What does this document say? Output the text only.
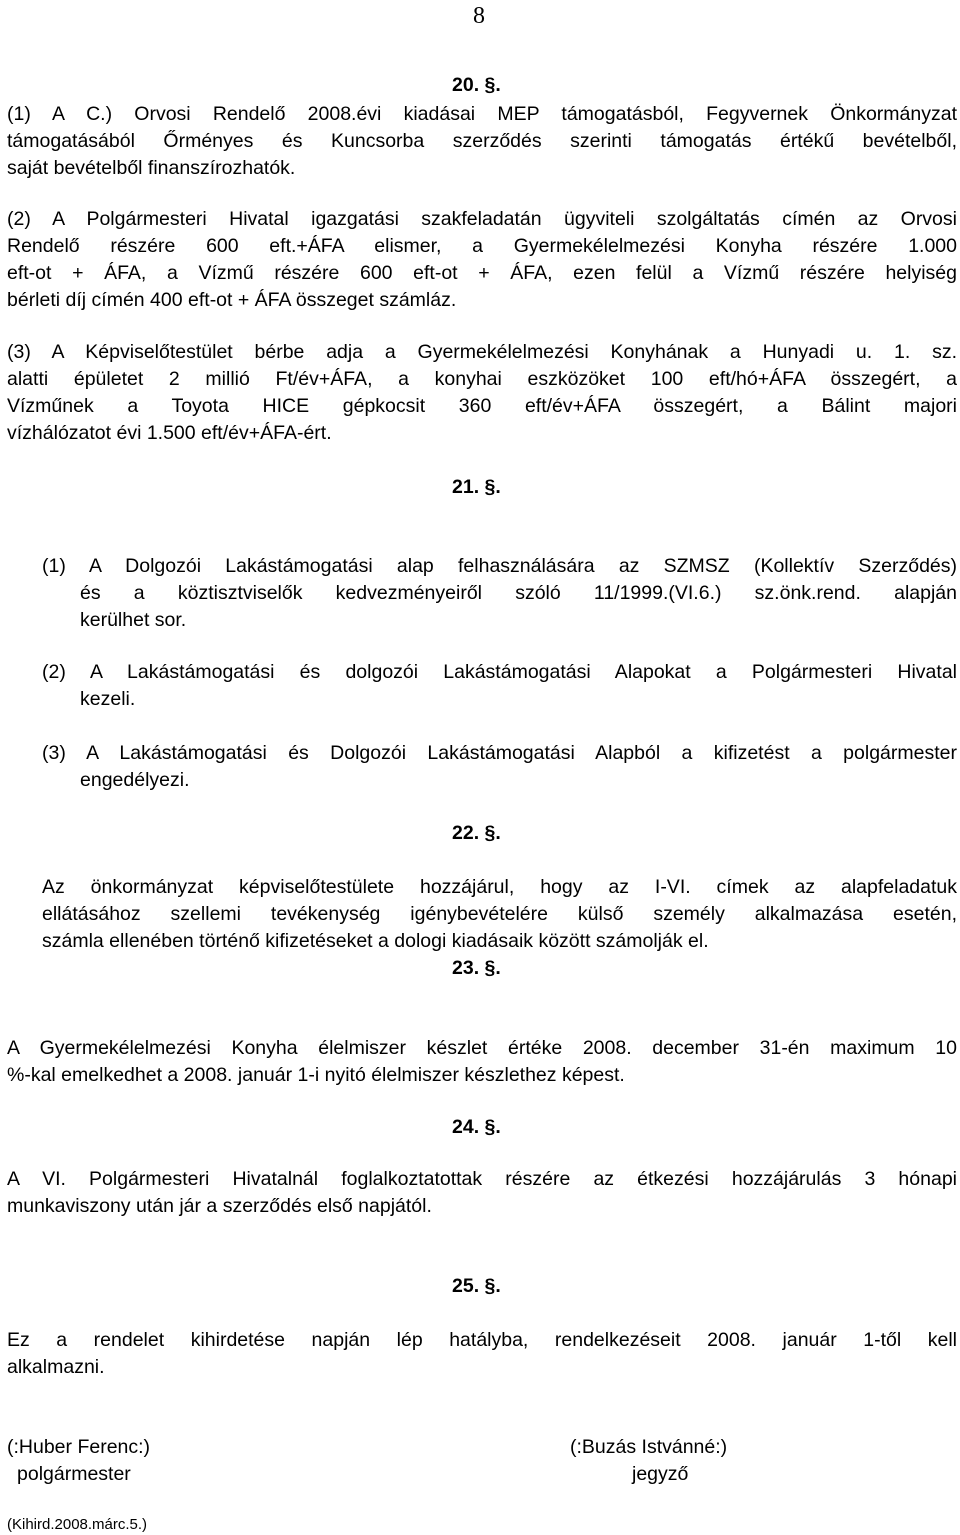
8
20. §.
(1) A C.) Orvosi Rendelő 2008.évi kiadásai MEP támogatásból, Fegyvernek Önkormányzat
támogatásából Őrményes és Kuncsorba szerződés szerinti támogatás értékű bevételből,
saját bevételből finanszírozhatók.
(2) A Polgármesteri Hivatal igazgatási szakfeladatán ügyviteli szolgáltatás címén az Orvosi
Rendelő részére 600 eft.+ÁFA elismer, a Gyermekélelmezési Konyha részére 1.000
eft-ot + ÁFA, a Vízmű részére 600 eft-ot + ÁFA, ezen felül a Vízmű részére helyiség
bérleti díj címén 400 eft-ot + ÁFA összeget számláz.
(3) A Képviselőtestület bérbe adja a Gyermekélelmezési Konyhának a Hunyadi u. 1. sz.
alatti épületet 2 millió Ft/év+ÁFA, a konyhai eszközöket 100 eft/hó+ÁFA összegért, a
Vízműnek a Toyota HICE gépkocsit 360 eft/év+ÁFA összegért, a Bálint majori
vízhálózatot évi 1.500 eft/év+ÁFA-ért.
21. §.
(1) A Dolgozói Lakástámogatási alap felhasználására az SZMSZ (Kollektív Szerződés)
és a köztisztviselők kedvezményeiről szóló 11/1999.(VI.6.) sz.önk.rend. alapján
kerülhet sor.
(2) A Lakástámogatási és dolgozói Lakástámogatási Alapokat a Polgármesteri Hivatal
kezeli.
(3) A Lakástámogatási és Dolgozói Lakástámogatási Alapból a kifizetést a polgármester
engedélyezi.
22. §.
Az önkormányzat képviselőtestülete hozzájárul, hogy az I-VI. címek az alapfeladatuk
ellátásához szellemi tevékenység igénybevételére külső személy alkalmazása esetén,
számla ellenében történő kifizetéseket a dologi kiadásaik között számolják el.
23. §.
A Gyermekélelmezési Konyha élelmiszer készlet értéke 2008. december 31-én maximum 10
%-kal emelkedhet a 2008. január 1-i nyitó élelmiszer készlethez képest.
24. §.
A VI. Polgármesteri Hivatalnál foglalkoztatottak részére az étkezési hozzájárulás 3 hónapi
munkaviszony után jár a szerződés első napjától.
25. §.
Ez a rendelet kihirdetése napján lép hatályba, rendelkezéseit 2008. január 1-től kell
alkalmazni.
(:Huber Ferenc:)
polgármester
(:Buzás Istvánné:)
jegyző
(Kihird.2008.márc.5.)
